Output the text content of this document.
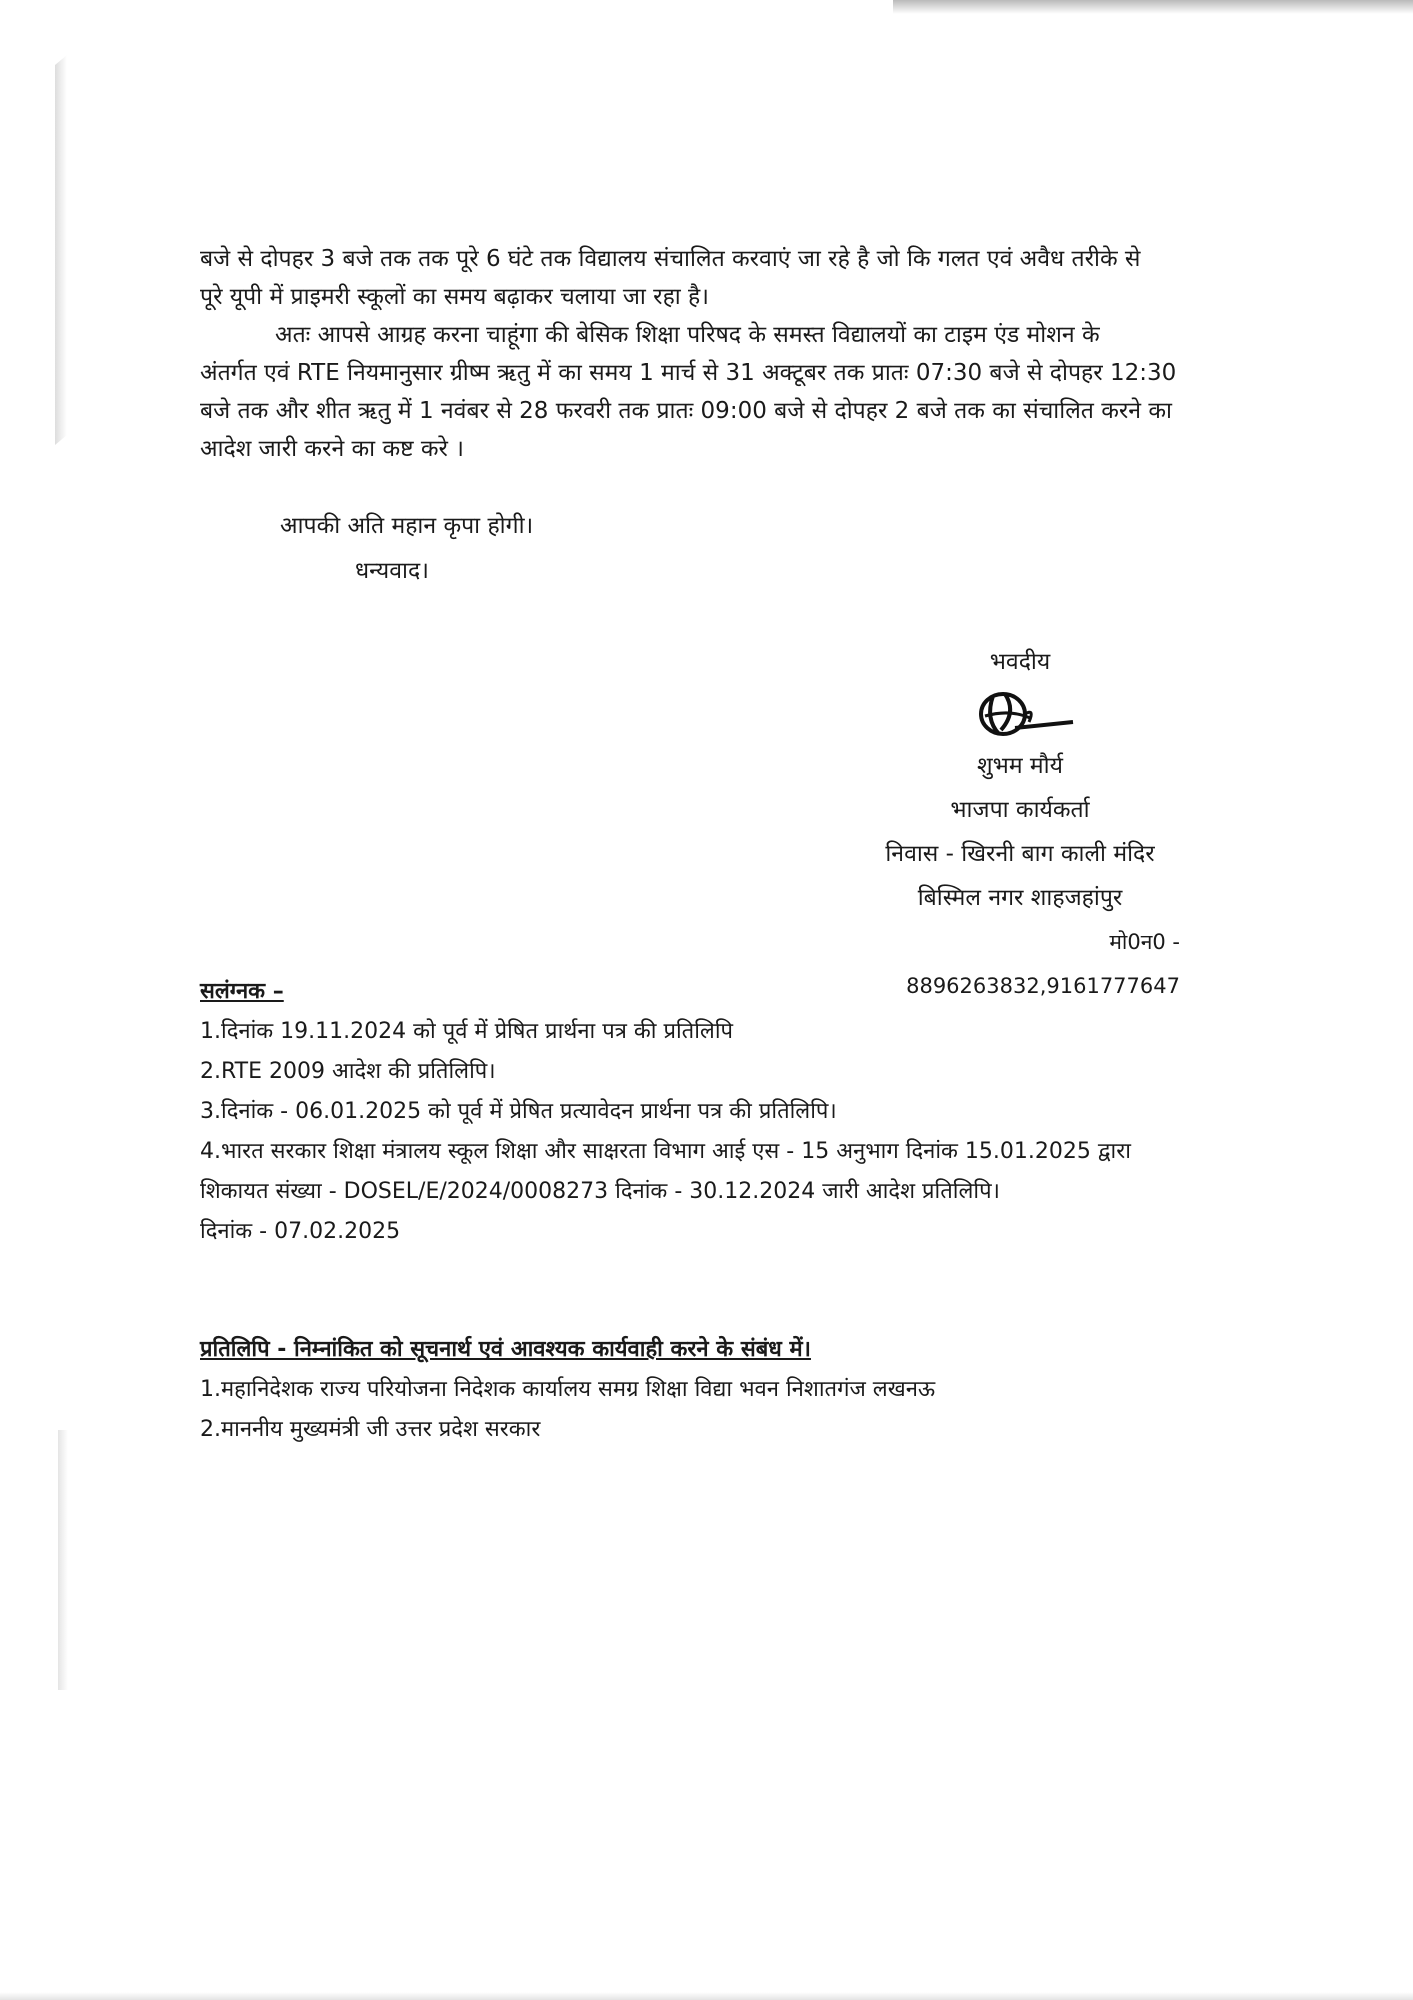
बजे से दोपहर 3 बजे तक तक पूरे 6 घंटे तक विद्यालय संचालित करवाएं जा रहे है जो कि गलत एवं अवैध तरीके से
पूरे यूपी में प्राइमरी स्कूलों का समय बढ़ाकर चलाया जा रहा है।
अतः आपसे आग्रह करना चाहूंगा की बेसिक शिक्षा परिषद के समस्त विद्यालयों का टाइम एंड मोशन के
अंतर्गत एवं RTE नियमानुसार ग्रीष्म ऋतु में का समय 1 मार्च से 31 अक्टूबर तक प्रातः 07:30 बजे से दोपहर 12:30
बजे तक और शीत ऋतु में 1 नवंबर से 28 फरवरी तक प्रातः 09:00 बजे से दोपहर 2 बजे तक का संचालित करने का
आदेश जारी करने का कष्ट करे ।
आपकी अति महान कृपा होगी।
धन्यवाद।
भवदीय
शुभम मौर्य
भाजपा कार्यकर्ता
निवास - खिरनी बाग काली मंदिर
बिस्मिल नगर शाहजहांपुर
मो0न0 - 8896263832,9161777647
सलंग्नक –
1.दिनांक 19.11.2024 को पूर्व में प्रेषित प्रार्थना पत्र की प्रतिलिपि
2.RTE 2009 आदेश की प्रतिलिपि।
3.दिनांक - 06.01.2025 को पूर्व में प्रेषित प्रत्यावेदन प्रार्थना पत्र की प्रतिलिपि।
4.भारत सरकार शिक्षा मंत्रालय स्कूल शिक्षा और साक्षरता विभाग आई एस - 15 अनुभाग दिनांक 15.01.2025 द्वारा
शिकायत संख्या - DOSEL/E/2024/0008273 दिनांक - 30.12.2024 जारी आदेश प्रतिलिपि।
दिनांक - 07.02.2025
प्रतिलिपि - निम्नांकित को सूचनार्थ एवं आवश्यक कार्यवाही करने के संबंध में।
1.महानिदेशक राज्य परियोजना निदेशक कार्यालय समग्र शिक्षा विद्या भवन निशातगंज लखनऊ
2.माननीय मुख्यमंत्री जी उत्तर प्रदेश सरकार
